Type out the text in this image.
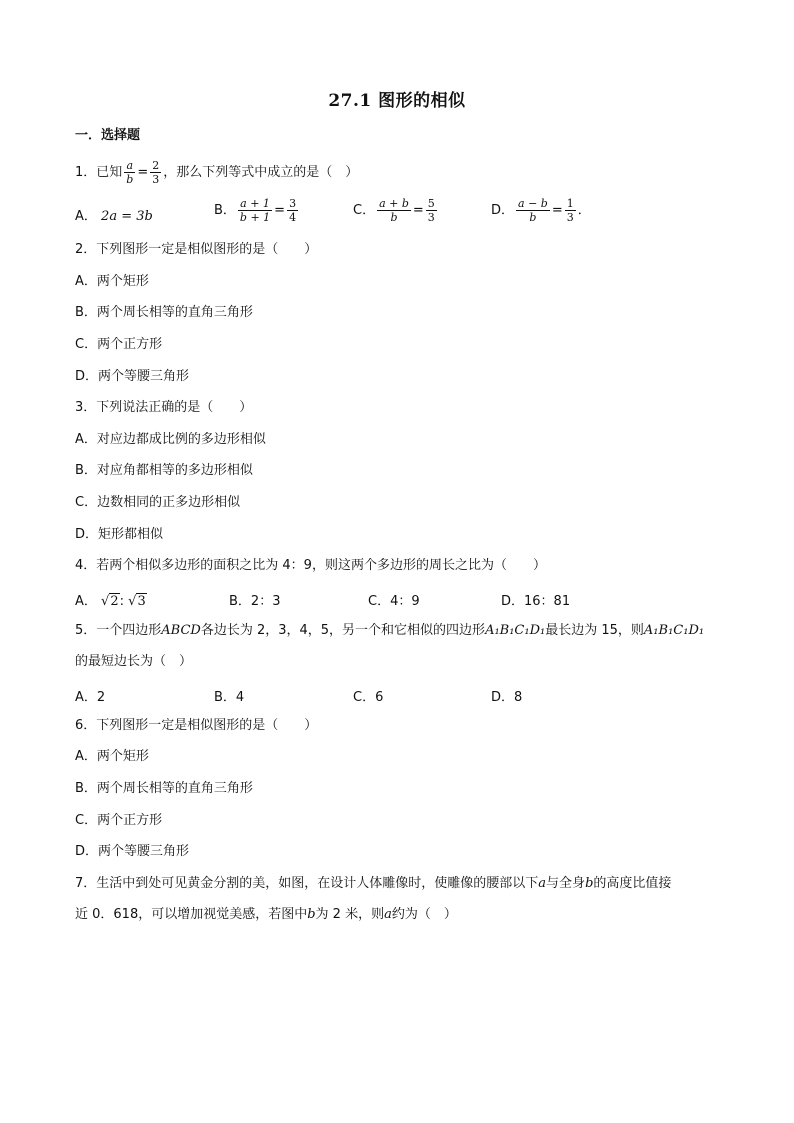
27.1 图形的相似
一．选择题
1．已知 $\frac{a}{b} = \frac{2}{3}$ ，那么下列等式中成立的是（　）
A． 2a = 3b	B． $\frac{a + 1}{b + 1} = \frac{3}{4}$	C． $\frac{a + b}{b} = \frac{5}{3}$	D． $\frac{a - b}{b} = \frac{1}{3}$ ．
2．下列图形一定是相似图形的是（　　）
A．两个矩形
B．两个周长相等的直角三角形
C．两个正方形
D．两个等腰三角形
3．下列说法正确的是（　　）
A．对应边都成比例的多边形相似
B．对应角都相等的多边形相似
C．边数相同的正多边形相似
D．矩形都相似
4．若两个相似多边形的面积之比为 4：9，则这两个多边形的周长之比为（　　）
A． √2: √3	B．2：3	C．4：9	D．16：81
5．一个四边形ABCD各边长为 2，3，4，5，另一个和它相似的四边形A₁B₁C₁D₁最长边为 15，则A₁B₁C₁D₁
的最短边长为（　）
A．2	B．4	C．6	D．8
6．下列图形一定是相似图形的是（　　）
A．两个矩形
B．两个周长相等的直角三角形
C．两个正方形
D．两个等腰三角形
7．生活中到处可见黄金分割的美，如图，在设计人体雕像时，使雕像的腰部以下a与全身b的高度比值接
近 0．618，可以增加视觉美感，若图中b为 2 米，则a约为（　）
